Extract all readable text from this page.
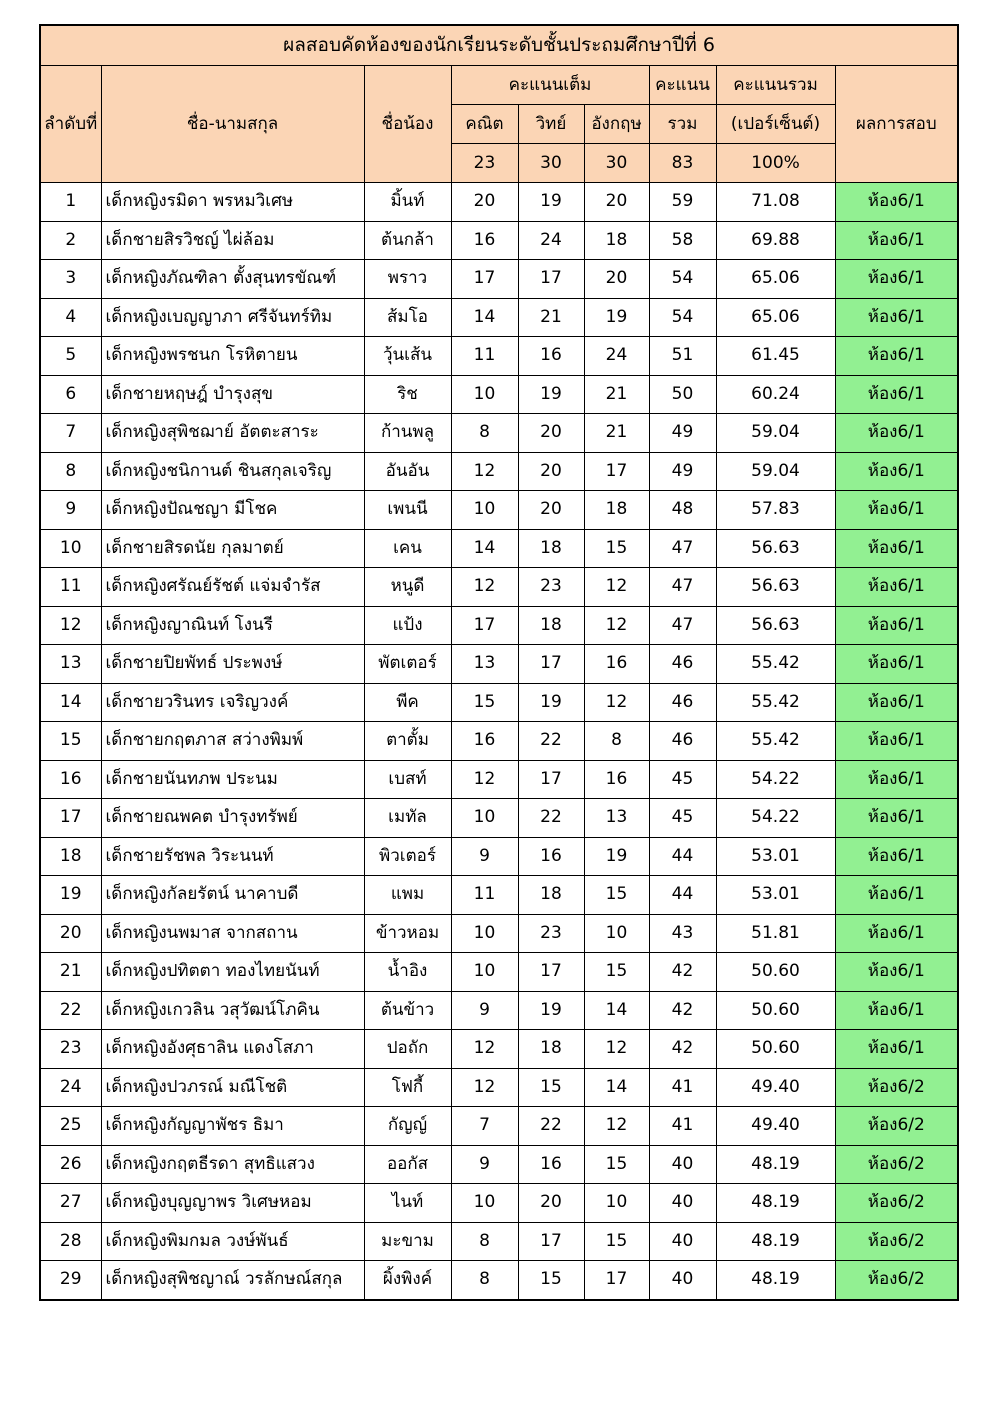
ผลสอบคัดห้องของนักเรียนระดับชั้นประถมศึกษาปีที่ 6								
ลำดับที่	ชื่อ-นามสกุล	ชื่อน้อง	คะแนนเต็ม			คะแนน	คะแนนรวม	ผลการสอบ
			คณิต	วิทย์	อังกฤษ	รวม	(เปอร์เซ็นต์)	
			23	30	30	83	100%	
1	เด็กหญิงรมิดา พรหมวิเศษ	มิ้นท์	20	19	20	59	71.08	ห้อง6/1
2	เด็กชายสิรวิชญ์ ไผ่ล้อม	ต้นกล้า	16	24	18	58	69.88	ห้อง6/1
3	เด็กหญิงภัณฑิลา ตั้งสุนทรขัณฑ์	พราว	17	17	20	54	65.06	ห้อง6/1
4	เด็กหญิงเบญญาภา ศรีจันทร์ทิม	ส้มโอ	14	21	19	54	65.06	ห้อง6/1
5	เด็กหญิงพรชนก โรหิตายน	วุ้นเส้น	11	16	24	51	61.45	ห้อง6/1
6	เด็กชายหฤษฎ์ บำรุงสุข	ริช	10	19	21	50	60.24	ห้อง6/1
7	เด็กหญิงสุพิชฌาย์ อัตตะสาระ	ก้านพลู	8	20	21	49	59.04	ห้อง6/1
8	เด็กหญิงชนิกานต์ ชินสกุลเจริญ	อันอัน	12	20	17	49	59.04	ห้อง6/1
9	เด็กหญิงปัณชญา มีโชค	เพนนี	10	20	18	48	57.83	ห้อง6/1
10	เด็กชายสิรดนัย กุลมาตย์	เคน	14	18	15	47	56.63	ห้อง6/1
11	เด็กหญิงศรัณย์รัชต์ แจ่มจำรัส	หนูดี	12	23	12	47	56.63	ห้อง6/1
12	เด็กหญิงญาณินท์ โงนรี	แป้ง	17	18	12	47	56.63	ห้อง6/1
13	เด็กชายปิยพัทธ์ ประพงษ์	พัตเตอร์	13	17	16	46	55.42	ห้อง6/1
14	เด็กชายวรินทร เจริญวงค์	พีค	15	19	12	46	55.42	ห้อง6/1
15	เด็กชายกฤตภาส สว่างพิมพ์	ตาตั้ม	16	22	8	46	55.42	ห้อง6/1
16	เด็กชายนันทภพ ประนม	เบสท์	12	17	16	45	54.22	ห้อง6/1
17	เด็กชายณพคต บำรุงทรัพย์	เมทัล	10	22	13	45	54.22	ห้อง6/1
18	เด็กชายรัชพล วิระนนท์	พิวเตอร์	9	16	19	44	53.01	ห้อง6/1
19	เด็กหญิงกัลยรัตน์ นาคาบดี	แพม	11	18	15	44	53.01	ห้อง6/1
20	เด็กหญิงนพมาส จากสถาน	ข้าวหอม	10	23	10	43	51.81	ห้อง6/1
21	เด็กหญิงปทิตตา ทองไทยนันท์	น้ำอิง	10	17	15	42	50.60	ห้อง6/1
22	เด็กหญิงเกวลิน วสุวัฒน์โภคิน	ต้นข้าว	9	19	14	42	50.60	ห้อง6/1
23	เด็กหญิงอังศุธาลิน แดงโสภา	ปอถัก	12	18	12	42	50.60	ห้อง6/1
24	เด็กหญิงปวภรณ์ มณีโชติ	โฟกี้	12	15	14	41	49.40	ห้อง6/2
25	เด็กหญิงกัญญาพัชร ธิมา	กัญญ์	7	22	12	41	49.40	ห้อง6/2
26	เด็กหญิงกฤตธีรดา สุทธิแสวง	ออกัส	9	16	15	40	48.19	ห้อง6/2
27	เด็กหญิงบุญญาพร วิเศษหอม	ไนท์	10	20	10	40	48.19	ห้อง6/2
28	เด็กหญิงพิมกมล วงษ์พันธ์	มะขาม	8	17	15	40	48.19	ห้อง6/2
29	เด็กหญิงสุพิชญาณ์ วรลักษณ์สกุล	ผิ้งพิงค์	8	15	17	40	48.19	ห้อง6/2
